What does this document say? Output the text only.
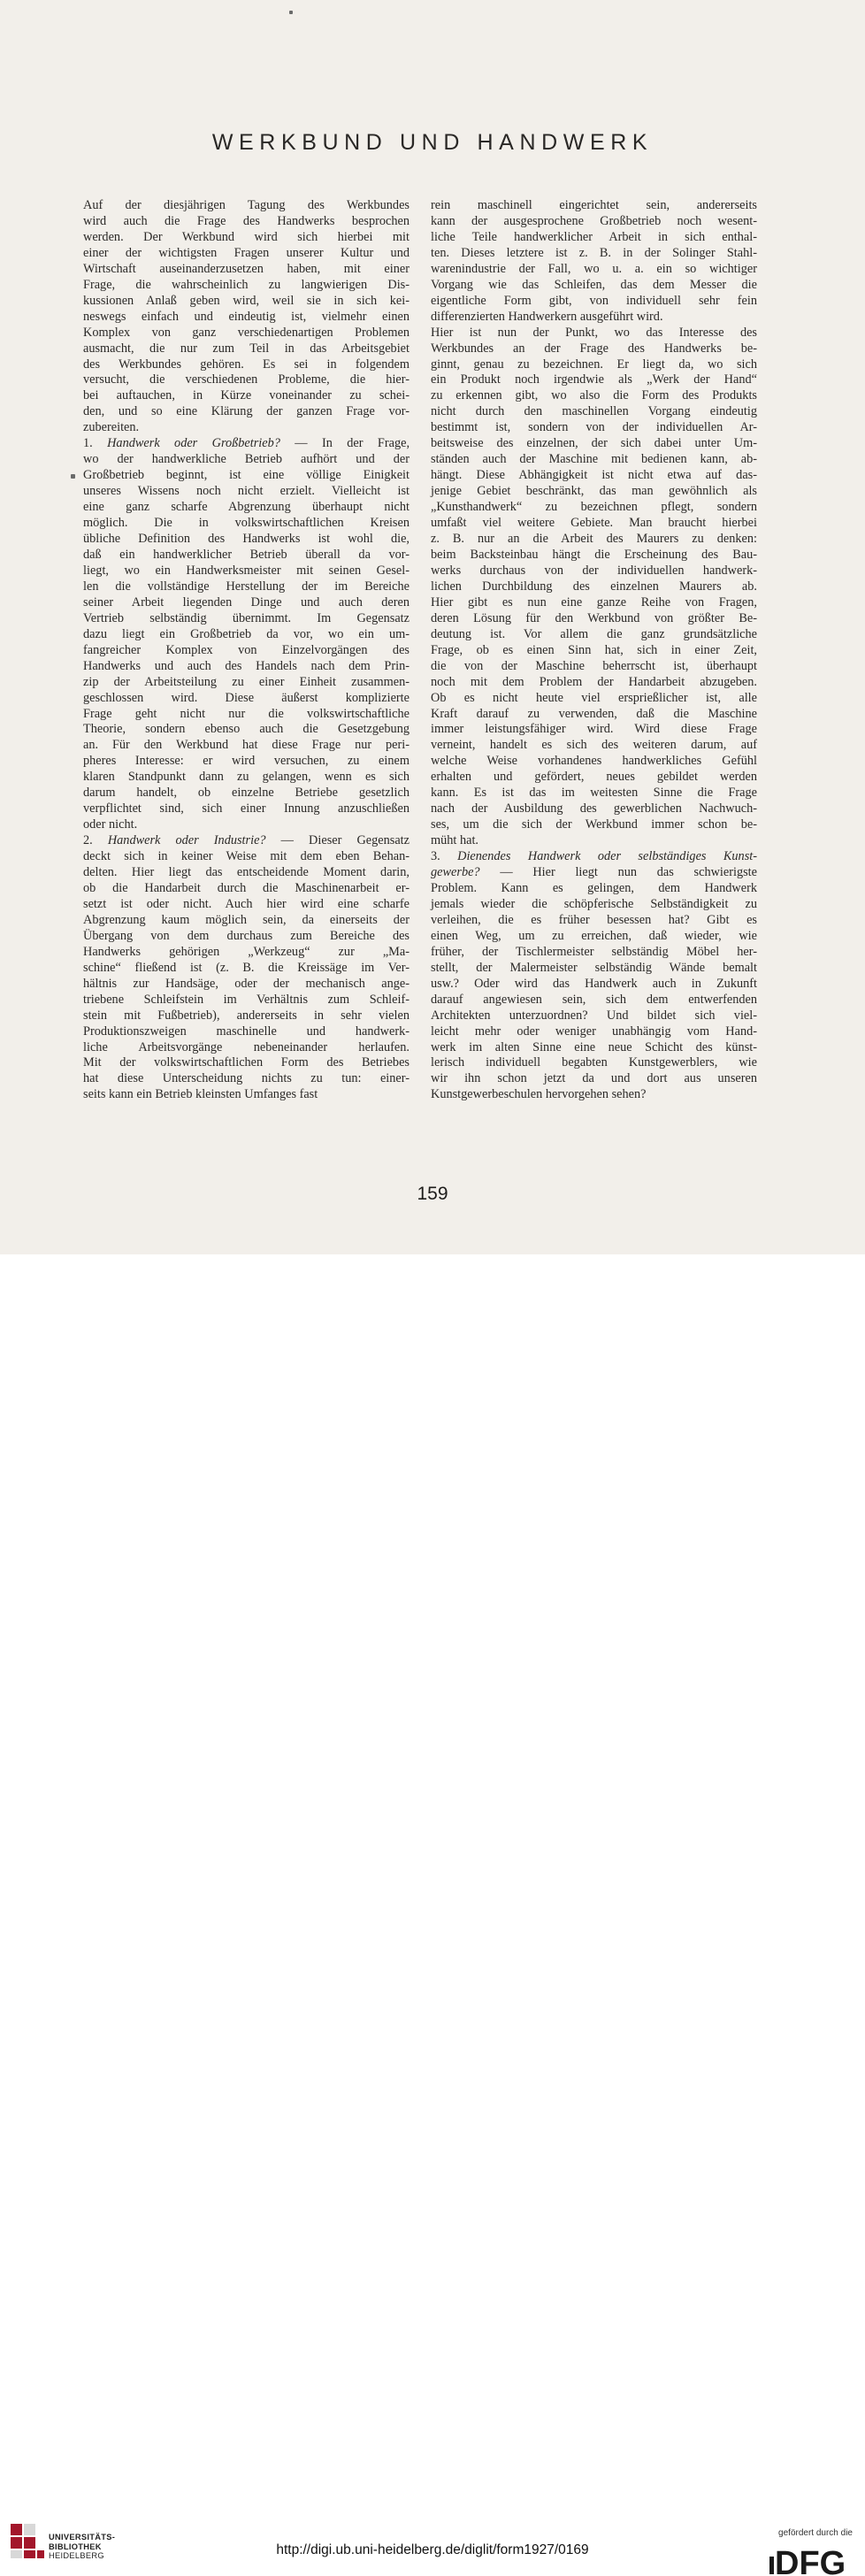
WERKBUND UND HANDWERK

Auf der diesjährigen Tagung des Werkbundes

wird auch die Frage des Handwerks besprochen

werden. Der Werkbund wird sich hierbei mit

einer der wichtigsten Fragen unserer Kultur und

Wirtschaft auseinanderzusetzen haben, mit einer

Frage, die wahrscheinlich zu langwierigen Dis-

kussionen Anlaß geben wird, weil sie in sich kei-

neswegs einfach und eindeutig ist, vielmehr einen

Komplex von ganz verschiedenartigen Problemen

ausmacht, die nur zum Teil in das Arbeitsgebiet

des Werkbundes gehören. Es sei in folgendem

versucht, die verschiedenen Probleme, die hier-

bei auftauchen, in Kürze voneinander zu schei-

den, und so eine Klärung der ganzen Frage vor-

zubereiten.

1. Handwerk oder Großbetrieb? — In der Frage,

wo der handwerkliche Betrieb aufhört und der

Großbetrieb beginnt, ist eine völlige Einigkeit

unseres Wissens noch nicht erzielt. Vielleicht ist

eine ganz scharfe Abgrenzung überhaupt nicht

möglich. Die in volkswirtschaftlichen Kreisen

übliche Definition des Handwerks ist wohl die,

daß ein handwerklicher Betrieb überall da vor-

liegt, wo ein Handwerksmeister mit seinen Gesel-

len die vollständige Herstellung der im Bereiche

seiner Arbeit liegenden Dinge und auch deren

Vertrieb selbständig übernimmt. Im Gegensatz

dazu liegt ein Großbetrieb da vor, wo ein um-

fangreicher Komplex von Einzelvorgängen des

Handwerks und auch des Handels nach dem Prin-

zip der Arbeitsteilung zu einer Einheit zusammen-

geschlossen wird. Diese äußerst komplizierte

Frage geht nicht nur die volkswirtschaftliche

Theorie, sondern ebenso auch die Gesetzgebung

an. Für den Werkbund hat diese Frage nur peri-

pheres Interesse: er wird versuchen, zu einem

klaren Standpunkt dann zu gelangen, wenn es sich

darum handelt, ob einzelne Betriebe gesetzlich

verpflichtet sind, sich einer Innung anzuschließen

oder nicht.

2. Handwerk oder Industrie? — Dieser Gegensatz

deckt sich in keiner Weise mit dem eben Behan-

delten. Hier liegt das entscheidende Moment darin,

ob die Handarbeit durch die Maschinenarbeit er-

setzt ist oder nicht. Auch hier wird eine scharfe

Abgrenzung kaum möglich sein, da einerseits der

Übergang von dem durchaus zum Bereiche des

Handwerks gehörigen „Werkzeug“ zur „Ma-

schine“ fließend ist (z. B. die Kreissäge im Ver-

hältnis zur Handsäge, oder der mechanisch ange-

triebene Schleifstein im Verhältnis zum Schleif-

stein mit Fußbetrieb), andererseits in sehr vielen

Produktionszweigen maschinelle und handwerk-

liche Arbeitsvorgänge nebeneinander herlaufen.

Mit der volkswirtschaftlichen Form des Betriebes

hat diese Unterscheidung nichts zu tun: einer-

seits kann ein Betrieb kleinsten Umfanges fast

rein maschinell eingerichtet sein, andererseits

kann der ausgesprochene Großbetrieb noch wesent-

liche Teile handwerklicher Arbeit in sich enthal-

ten. Dieses letztere ist z. B. in der Solinger Stahl-

warenindustrie der Fall, wo u. a. ein so wichtiger

Vorgang wie das Schleifen, das dem Messer die

eigentliche Form gibt, von individuell sehr fein

differenzierten Handwerkern ausgeführt wird.

Hier ist nun der Punkt, wo das Interesse des

Werkbundes an der Frage des Handwerks be-

ginnt, genau zu bezeichnen. Er liegt da, wo sich

ein Produkt noch irgendwie als „Werk der Hand“

zu erkennen gibt, wo also die Form des Produkts

nicht durch den maschinellen Vorgang eindeutig

bestimmt ist, sondern von der individuellen Ar-

beitsweise des einzelnen, der sich dabei unter Um-

ständen auch der Maschine mit bedienen kann, ab-

hängt. Diese Abhängigkeit ist nicht etwa auf das-

jenige Gebiet beschränkt, das man gewöhnlich als

„Kunsthandwerk“ zu bezeichnen pflegt, sondern

umfaßt viel weitere Gebiete. Man braucht hierbei

z. B. nur an die Arbeit des Maurers zu denken:

beim Backsteinbau hängt die Erscheinung des Bau-

werks durchaus von der individuellen handwerk-

lichen Durchbildung des einzelnen Maurers ab.

Hier gibt es nun eine ganze Reihe von Fragen,

deren Lösung für den Werkbund von größter Be-

deutung ist. Vor allem die ganz grundsätzliche

Frage, ob es einen Sinn hat, sich in einer Zeit,

die von der Maschine beherrscht ist, überhaupt

noch mit dem Problem der Handarbeit abzugeben.

Ob es nicht heute viel ersprießlicher ist, alle

Kraft darauf zu verwenden, daß die Maschine

immer leistungsfähiger wird. Wird diese Frage

verneint, handelt es sich des weiteren darum, auf

welche Weise vorhandenes handwerkliches Gefühl

erhalten und gefördert, neues gebildet werden

kann. Es ist das im weitesten Sinne die Frage

nach der Ausbildung des gewerblichen Nachwuch-

ses, um die sich der Werkbund immer schon be-

müht hat.

3. Dienendes Handwerk oder selbständiges Kunst-

gewerbe? — Hier liegt nun das schwierigste

Problem. Kann es gelingen, dem Handwerk

jemals wieder die schöpferische Selbständigkeit zu

verleihen, die es früher besessen hat? Gibt es

einen Weg, um zu erreichen, daß wieder, wie

früher, der Tischlermeister selbständig Möbel her-

stellt, der Malermeister selbständig Wände bemalt

usw.? Oder wird das Handwerk auch in Zukunft

darauf angewiesen sein, sich dem entwerfenden

Architekten unterzuordnen? Und bildet sich viel-

leicht mehr oder weniger unabhängig vom Hand-

werk im alten Sinne eine neue Schicht des künst-

lerisch individuell begabten Kunstgewerblers, wie

wir ihn schon jetzt da und dort aus unseren

Kunstgewerbeschulen hervorgehen sehen?

159
UNIVERSITÄTS-
BIBLIOTHEK
HEIDELBERG	http://digi.ub.uni-heidelberg.de/diglit/form1927/0169
gefördert durch die
DFG
